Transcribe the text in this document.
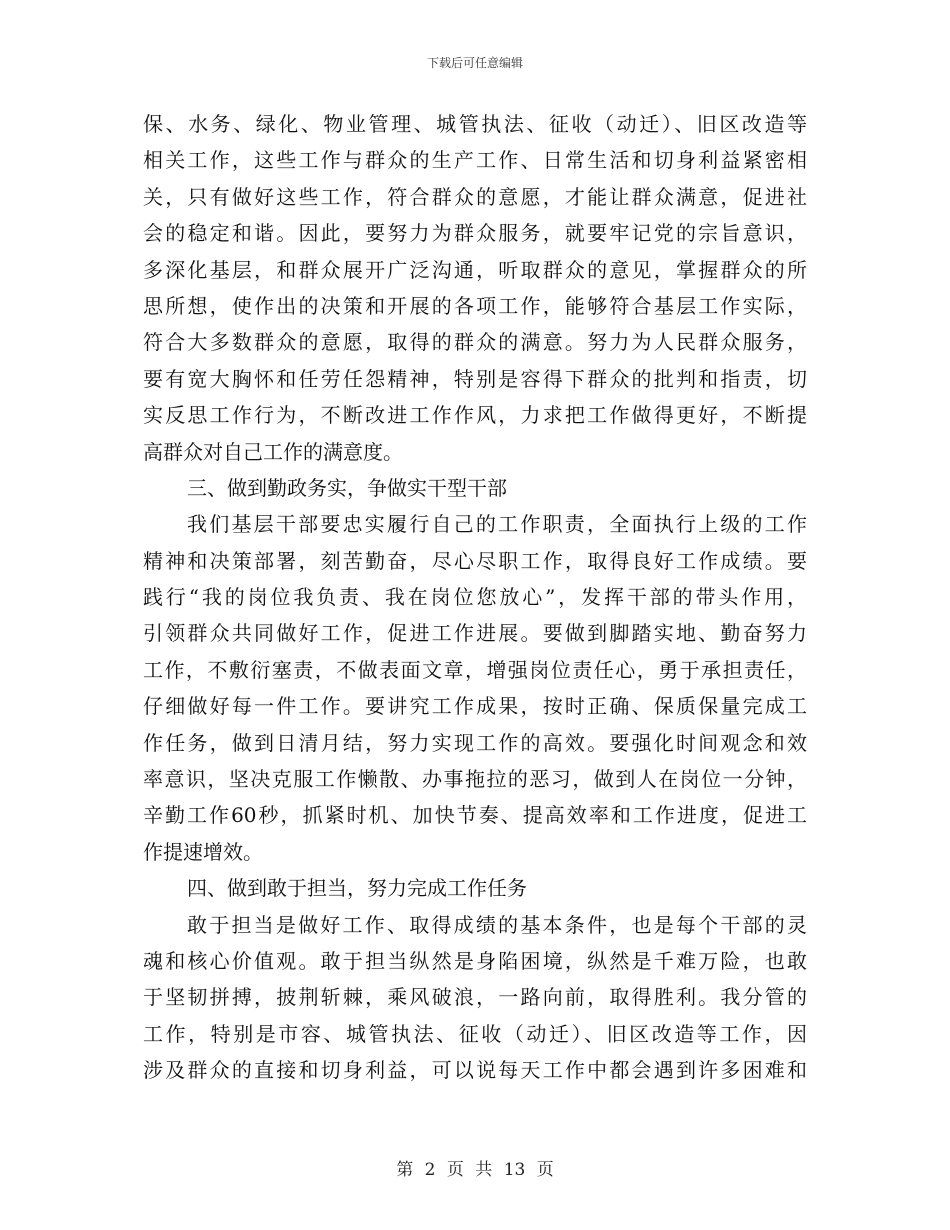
下载后可任意编辑
保、水务、绿化、物业管理、城管执法、征收（动迁）、旧区改造等
相关工作，这些工作与群众的生产工作、日常生活和切身利益紧密相
关，只有做好这些工作，符合群众的意愿，才能让群众满意，促进社
会的稳定和谐。因此，要努力为群众服务，就要牢记党的宗旨意识，
多深化基层，和群众展开广泛沟通，听取群众的意见，掌握群众的所
思所想，使作出的决策和开展的各项工作，能够符合基层工作实际，
符合大多数群众的意愿，取得的群众的满意。努力为人民群众服务，
要有宽大胸怀和任劳任怨精神，特别是容得下群众的批判和指责，切
实反思工作行为，不断改进工作作风，力求把工作做得更好，不断提
高群众对自己工作的满意度。
三、做到勤政务实，争做实干型干部
我们基层干部要忠实履行自己的工作职责，全面执行上级的工作
精神和决策部署，刻苦勤奋，尽心尽职工作，取得良好工作成绩。要
践行“我的岗位我负责、我在岗位您放心”，发挥干部的带头作用，
引领群众共同做好工作，促进工作进展。要做到脚踏实地、勤奋努力
工作，不敷衍塞责，不做表面文章，增强岗位责任心，勇于承担责任，
仔细做好每一件工作。要讲究工作成果，按时正确、保质保量完成工
作任务，做到日清月结，努力实现工作的高效。要强化时间观念和效
率意识，坚决克服工作懒散、办事拖拉的恶习，做到人在岗位一分钟，
辛勤工作60秒，抓紧时机、加快节奏、提高效率和工作进度，促进工
作提速增效。
四、做到敢于担当，努力完成工作任务
敢于担当是做好工作、取得成绩的基本条件，也是每个干部的灵
魂和核心价值观。敢于担当纵然是身陷困境，纵然是千难万险，也敢
于坚韧拼搏，披荆斩棘，乘风破浪，一路向前，取得胜利。我分管的
工作，特别是市容、城管执法、征收（动迁）、旧区改造等工作，因
涉及群众的直接和切身利益，可以说每天工作中都会遇到许多困难和
第 2 页 共 13 页
